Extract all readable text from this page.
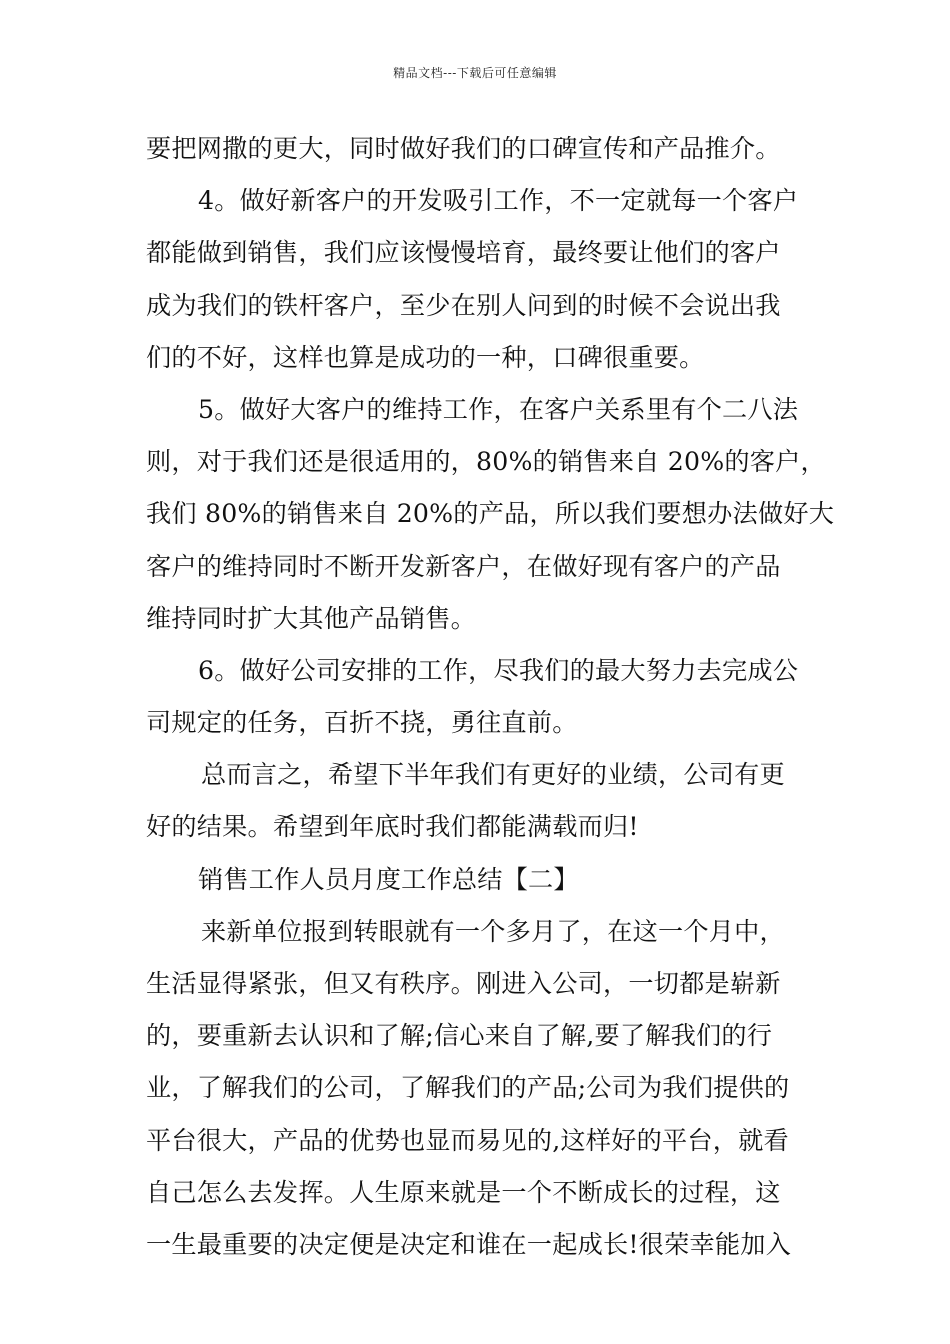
精品文档---下载后可任意编辑
要把网撒的更大，同时做好我们的口碑宣传和产品推介。
4。做好新客户的开发吸引工作，不一定就每一个客户
都能做到销售，我们应该慢慢培育，最终要让他们的客户
成为我们的铁杆客户，至少在别人问到的时候不会说出我
们的不好，这样也算是成功的一种，口碑很重要。
5。做好大客户的维持工作，在客户关系里有个二八法
则，对于我们还是很适用的，80%的销售来自 20%的客户，
我们 80%的销售来自 20%的产品，所以我们要想办法做好大
客户的维持同时不断开发新客户，在做好现有客户的产品
维持同时扩大其他产品销售。
6。做好公司安排的工作，尽我们的最大努力去完成公
司规定的任务，百折不挠，勇往直前。
总而言之，希望下半年我们有更好的业绩，公司有更
好的结果。希望到年底时我们都能满载而归!
销售工作人员月度工作总结【二】
来新单位报到转眼就有一个多月了，在这一个月中，
生活显得紧张，但又有秩序。刚进入公司，一切都是崭新
的，要重新去认识和了解;信心来自了解,要了解我们的行
业，了解我们的公司，了解我们的产品;公司为我们提供的
平台很大，产品的优势也显而易见的,这样好的平台，就看
自己怎么去发挥。人生原来就是一个不断成长的过程，这
一生最重要的决定便是决定和谁在一起成长!很荣幸能加入
